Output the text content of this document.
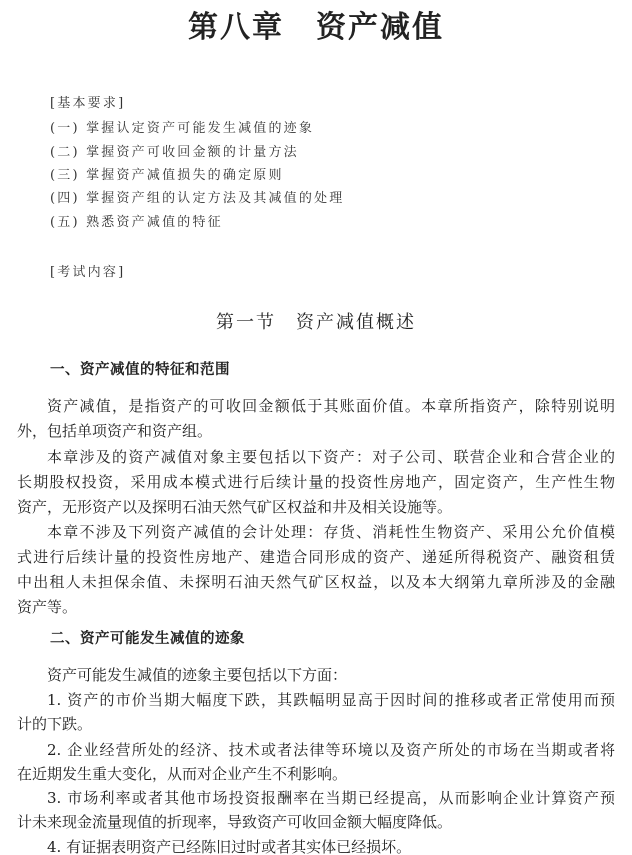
第八章　资产减值
[基本要求]
(一) 掌握认定资产可能发生减值的迹象
(二) 掌握资产可收回金额的计量方法
(三) 掌握资产减值损失的确定原则
(四) 掌握资产组的认定方法及其减值的处理
(五) 熟悉资产减值的特征
[考试内容]
第一节　资产减值概述
一、资产减值的特征和范围
资产减值，是指资产的可收回金额低于其账面价值。本章所指资产，除特别说明
外，包括单项资产和资产组。
本章涉及的资产减值对象主要包括以下资产：对子公司、联营企业和合营企业的
长期股权投资，采用成本模式进行后续计量的投资性房地产，固定资产，生产性生物
资产，无形资产以及探明石油天然气矿区权益和井及相关设施等。
本章不涉及下列资产减值的会计处理：存货、消耗性生物资产、采用公允价值模
式进行后续计量的投资性房地产、建造合同形成的资产、递延所得税资产、融资租赁
中出租人未担保余值、未探明石油天然气矿区权益，以及本大纲第九章所涉及的金融
资产等。
二、资产可能发生减值的迹象
资产可能发生减值的迹象主要包括以下方面：
1. 资产的市价当期大幅度下跌，其跌幅明显高于因时间的推移或者正常使用而预
计的下跌。
2. 企业经营所处的经济、技术或者法律等环境以及资产所处的市场在当期或者将
在近期发生重大变化，从而对企业产生不利影响。
3. 市场利率或者其他市场投资报酬率在当期已经提高，从而影响企业计算资产预
计未来现金流量现值的折现率，导致资产可收回金额大幅度降低。
4. 有证据表明资产已经陈旧过时或者其实体已经损坏。
